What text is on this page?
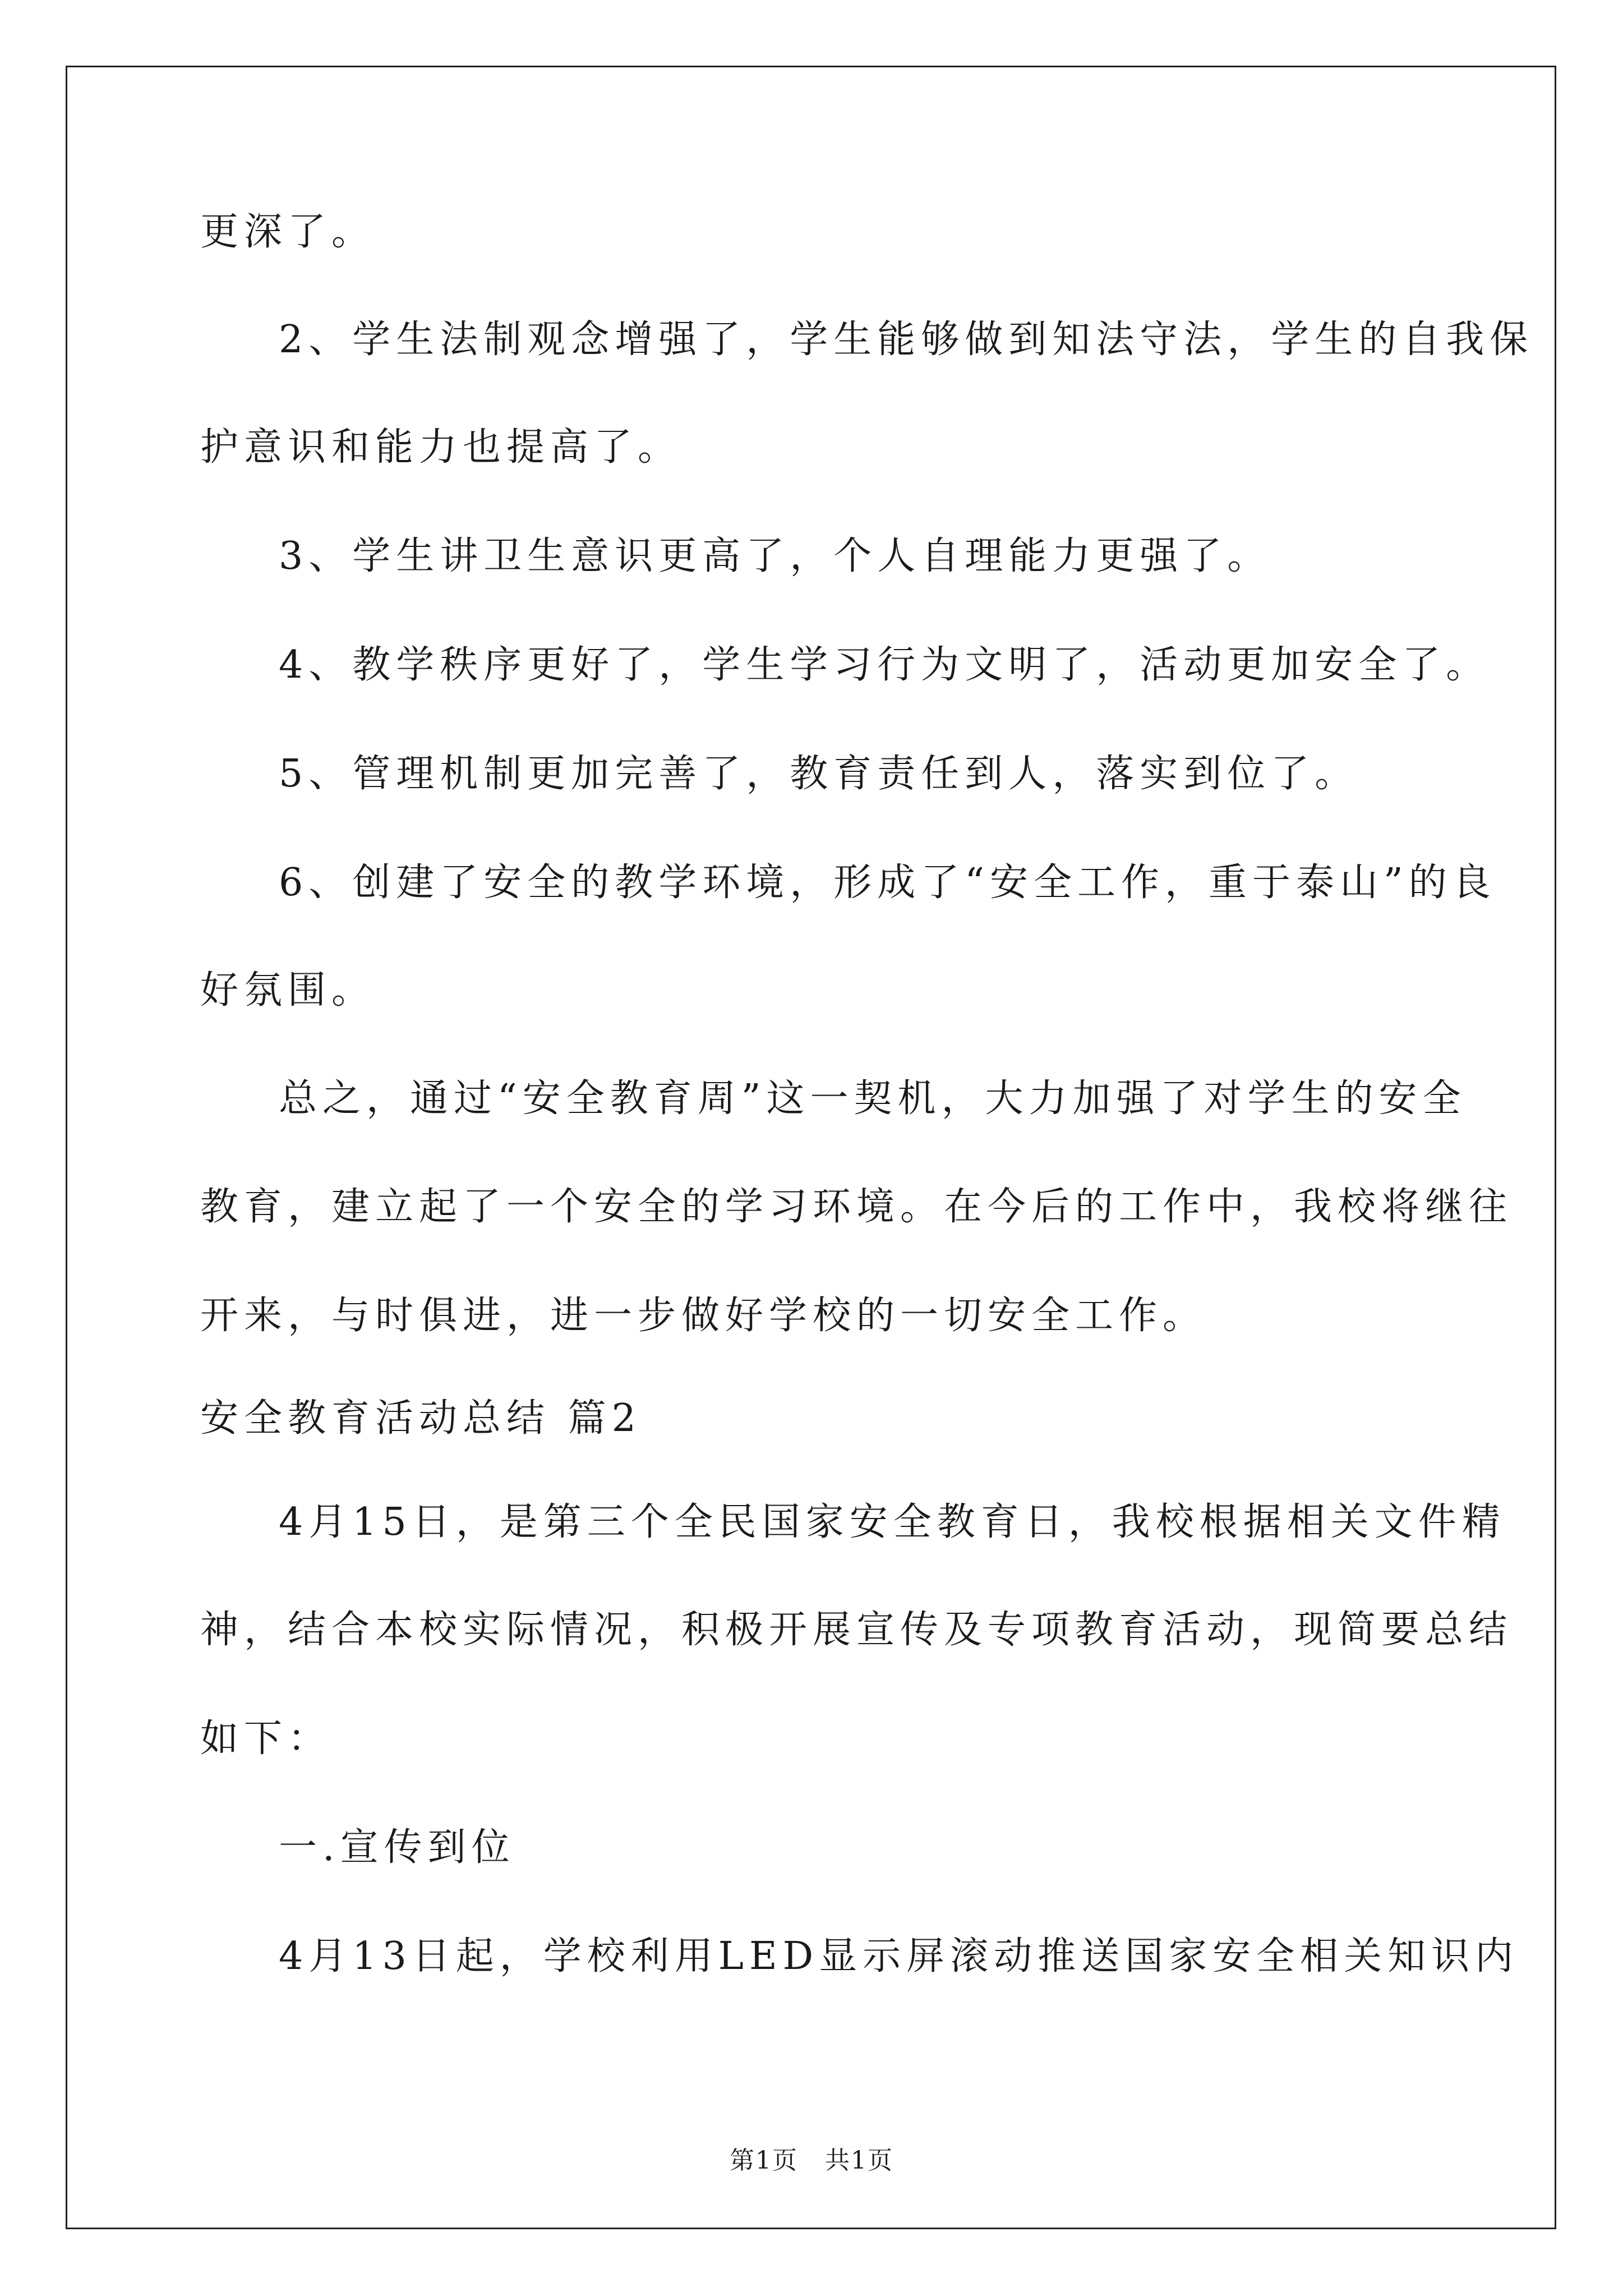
更深了。
2、学生法制观念增强了，学生能够做到知法守法，学生的自我保
护意识和能力也提高了。
3、学生讲卫生意识更高了，个人自理能力更强了。
4、教学秩序更好了，学生学习行为文明了，活动更加安全了。
5、管理机制更加完善了，教育责任到人，落实到位了。
6、创建了安全的教学环境，形成了“安全工作，重于泰山”的良
好氛围。
总之，通过“安全教育周”这一契机，大力加强了对学生的安全
教育，建立起了一个安全的学习环境。在今后的工作中，我校将继往
开来，与时俱进，进一步做好学校的一切安全工作。
安全教育活动总结 篇2
4月15日，是第三个全民国家安全教育日，我校根据相关文件精
神，结合本校实际情况，积极开展宣传及专项教育活动，现简要总结
如下：
一.宣传到位
4月13日起，学校利用LED显示屏滚动推送国家安全相关知识内
第1页   共1页
